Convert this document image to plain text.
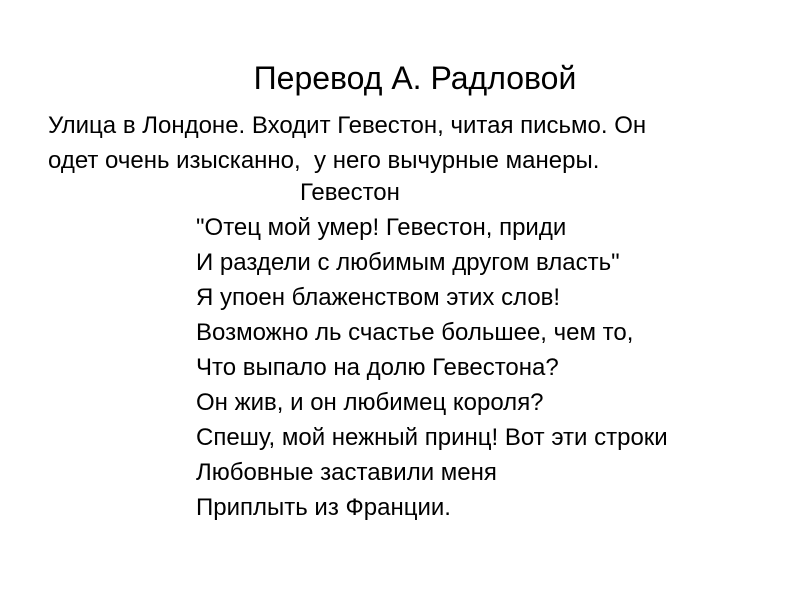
Перевод А. Радловой
Улица в Лондоне. Входит Гевестон, читая письмо. Он
одет очень изысканно,  у него вычурные манеры.
Гевестон
"Отец мой умер! Гевестон, приди
И раздели с любимым другом власть"
Я упоен блаженством этих слов!
Возможно ль счастье большее, чем то,
Что выпало на долю Гевестона?
Он жив, и он любимец короля?
Спешу, мой нежный принц! Вот эти строки
Любовные заставили меня
Приплыть из Франции.
